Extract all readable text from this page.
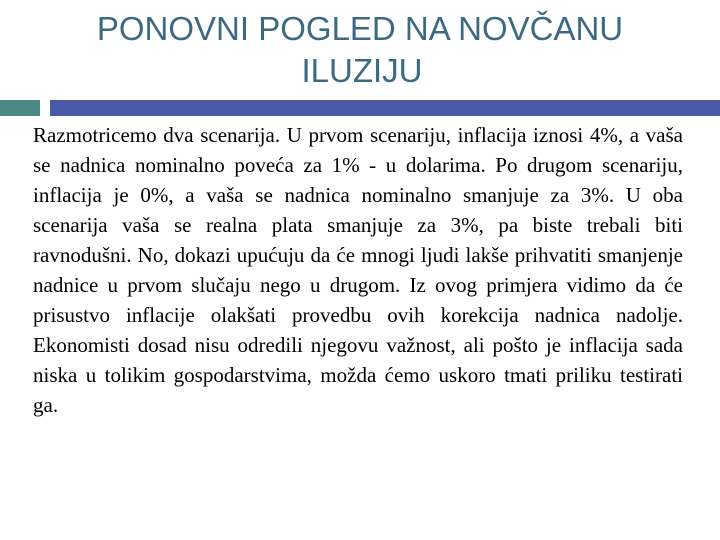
PONOVNI POGLED NA NOVČANU
ILUZIJU
Razmotricemo dva scenarija. U prvom scenariju, inflacija iznosi 4%, a vaša se nadnica nominalno poveća za 1% - u dolarima. Po drugom scenariju, inflacija je 0%, a vaša se nadnica nominalno smanjuje za 3%. U oba scenarija vaša se realna plata smanjuje za 3%, pa biste trebali biti ravnodušni. No, dokazi upućuju da će mnogi ljudi lakše prihvatiti smanjenje nadnice u prvom slučaju nego u drugom. Iz ovog primjera vidimo da će prisustvo inflacije olakšati provedbu ovih korekcija nadnica nadolje. Ekonomisti dosad nisu odredili njegovu važnost, ali pošto je inflacija sada niska u tolikim gospodarstvima, možda ćemo uskoro tmati priliku testirati ga.
